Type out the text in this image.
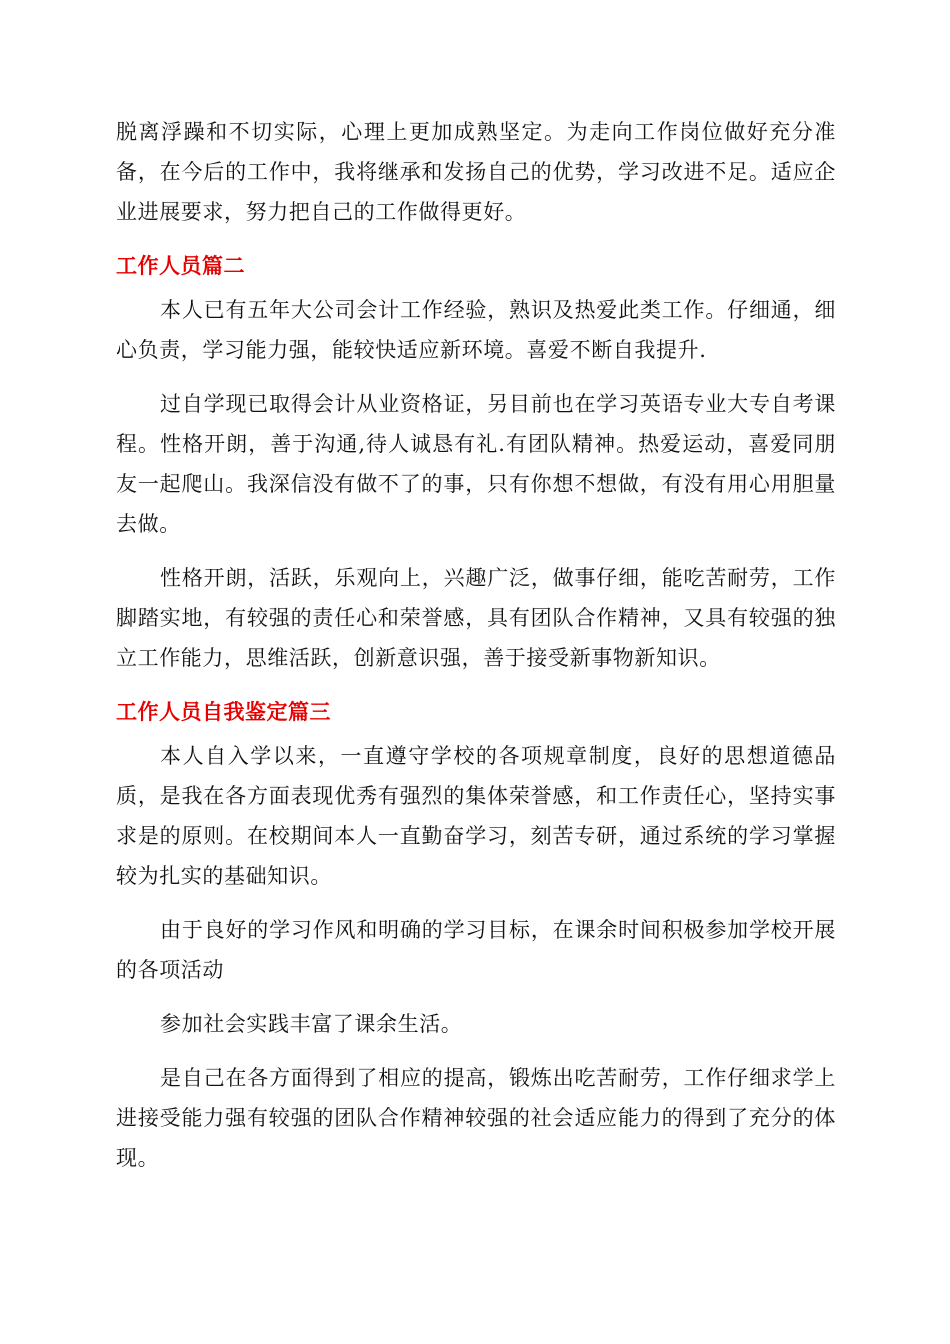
脱离浮躁和不切实际，心理上更加成熟坚定。为走向工作岗位做好充分准备，在今后的工作中，我将继承和发扬自己的优势，学习改进不足。适应企业进展要求，努力把自己的工作做得更好。

工作人员篇二

本人已有五年大公司会计工作经验，熟识及热爱此类工作。仔细通，细心负责，学习能力强，能较快适应新环境。喜爱不断自我提升.

过自学现已取得会计从业资格证，另目前也在学习英语专业大专自考课程。性格开朗，善于沟通,待人诚恳有礼.有团队精神。热爱运动，喜爱同朋友一起爬山。我深信没有做不了的事，只有你想不想做，有没有用心用胆量去做。

性格开朗，活跃，乐观向上，兴趣广泛，做事仔细，能吃苦耐劳，工作脚踏实地，有较强的责任心和荣誉感，具有团队合作精神，又具有较强的独立工作能力，思维活跃，创新意识强，善于接受新事物新知识。

工作人员自我鉴定篇三

本人自入学以来，一直遵守学校的各项规章制度，良好的思想道德品质，是我在各方面表现优秀有强烈的集体荣誉感，和工作责任心，坚持实事求是的原则。在校期间本人一直勤奋学习，刻苦专研，通过系统的学习掌握较为扎实的基础知识。

由于良好的学习作风和明确的学习目标，在课余时间积极参加学校开展的各项活动

参加社会实践丰富了课余生活。

是自己在各方面得到了相应的提高，锻炼出吃苦耐劳，工作仔细求学上进接受能力强有较强的团队合作精神较强的社会适应能力的得到了充分的体现。
